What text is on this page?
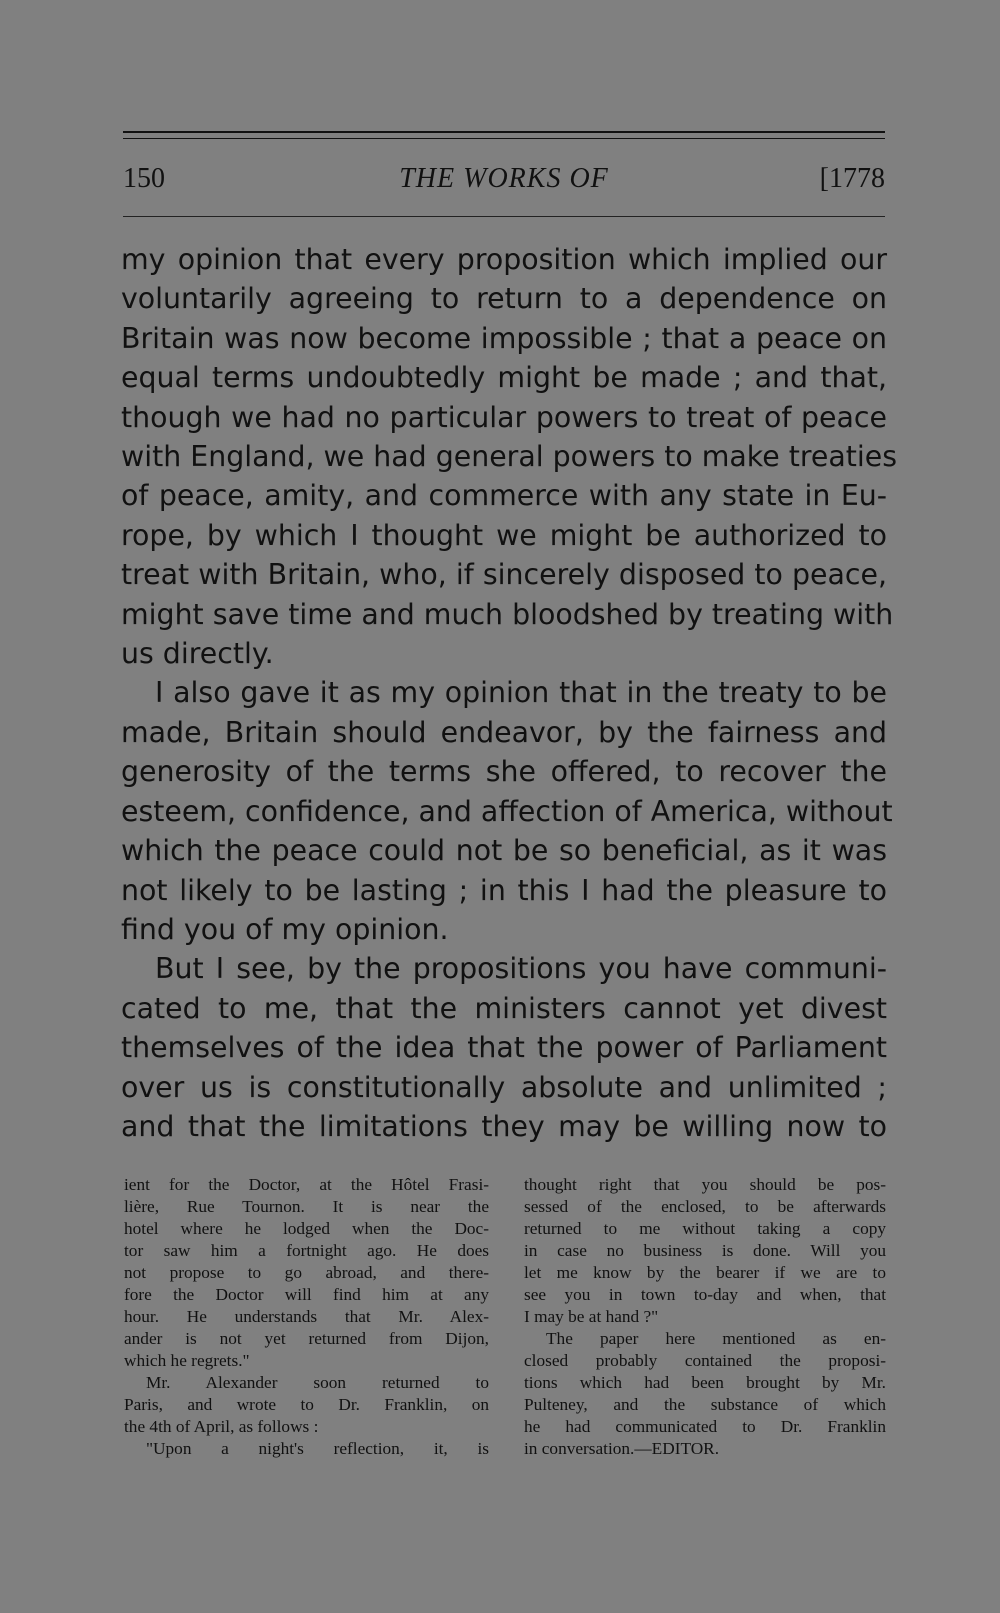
150	THE WORKS OF	[1778
my opinion that every proposition which implied our
voluntarily agreeing to return to a dependence on
Britain was now become impossible ; that a peace on
equal terms undoubtedly might be made ; and that,
though we had no particular powers to treat of peace
with England, we had general powers to make treaties
of peace, amity, and commerce with any state in Eu-
rope, by which I thought we might be authorized to
treat with Britain, who, if sincerely disposed to peace,
might save time and much bloodshed by treating with
us directly.
I also gave it as my opinion that in the treaty to be
made, Britain should endeavor, by the fairness and
generosity of the terms she offered, to recover the
esteem, confidence, and affection of America, without
which the peace could not be so beneficial, as it was
not likely to be lasting ; in this I had the pleasure to
find you of my opinion.
But I see, by the propositions you have communi-
cated to me, that the ministers cannot yet divest
themselves of the idea that the power of Parliament
over us is constitutionally absolute and unlimited ;
and that the limitations they may be willing now to
ient for the Doctor, at the Hôtel Frasi-
lière, Rue Tournon. It is near the
hotel where he lodged when the Doc-
tor saw him a fortnight ago. He does
not propose to go abroad, and there-
fore the Doctor will find him at any
hour. He understands that Mr. Alex-
ander is not yet returned from Dijon,
which he regrets."
Mr. Alexander soon returned to
Paris, and wrote to Dr. Franklin, on
the 4th of April, as follows :
"Upon a night's reflection, it, is
thought right that you should be pos-
sessed of the enclosed, to be afterwards
returned to me without taking a copy
in case no business is done. Will you
let me know by the bearer if we are to
see you in town to-day and when, that
I may be at hand ?"
The paper here mentioned as en-
closed probably contained the proposi-
tions which had been brought by Mr.
Pulteney, and the substance of which
he had communicated to Dr. Franklin
in conversation.—EDITOR.
